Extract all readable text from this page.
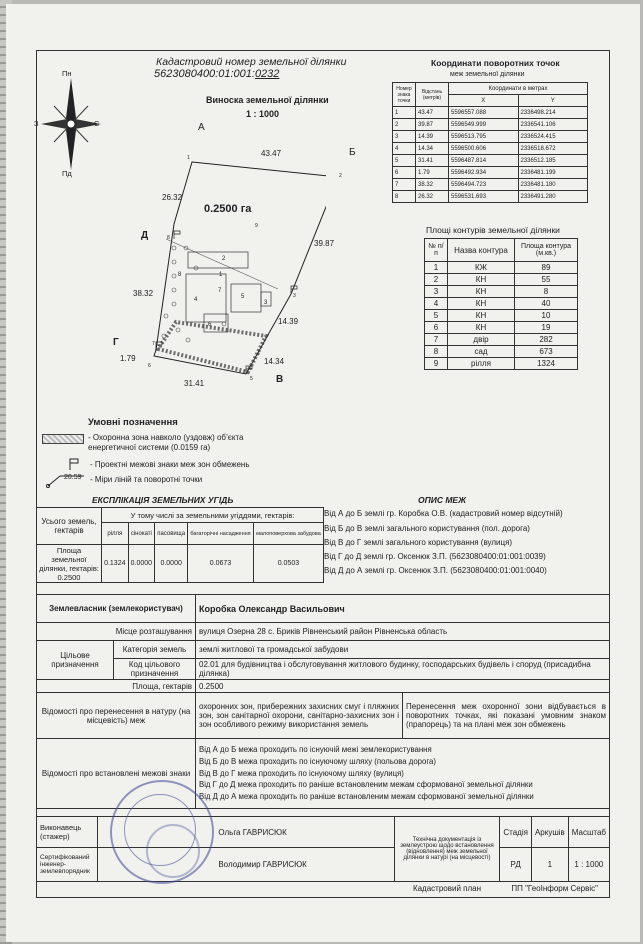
Кадастровий номер земельної ділянки
5623080400:01:001:0232
Пн
Пд
З	С
Виноска земельної ділянки
1 : 1000
А
Б
В
Г
Д
43.47
39.87
14.39
14.34
31.41
1.79
38.32
26.32
0.2500 га
1
2
3
4
5
6
7
8
9
1
2
3
4	5
6
7
8
Координати поворотних точок
меж земельної ділянки
Номер знака точки	Відстань (метрів)	Координати в метрах	
		X	Y
1	43.47	5596557.088	2336498.214
2	39.87	5596549.999	2336541.106
3	14.39	5596513.795	2336524.415
4	14.34	5596500.606	2336518.672
5	31.41	5596487.814	2336512.185
6	1.79	5596492.934	2336481.199
7	38.32	5596494.723	2336481.180
8	26.32	5596531.693	2336491.280
Площі контурів земельної ділянки
№ п/п	Назва контура	Площа контура (м.кв.)
1	КЖ	89
2	КН	55
3	КН	8
4	КН	40
5	КН	10
6	КН	19
7	двір	282
8	сад	673
9	рілля	1324
Умовні позначення
- Охоронна зона навколо (уздовж) об’єкта енергетичної системи (0.0159 га)
- Проектні межові знаки меж зон обмежень
20.59 - Міри ліній та поворотні точки
ЕКСПЛІКАЦІЯ ЗЕМЕЛЬНИХ УГІДЬ
Усього земель, гектарів	У тому числі за земельними угіддями, гектарів:				
	рілля	сінокаті	пасовища	багаторічні насадження	малоповерхова забудова
Площа земельної ділянки, гектарів:
0.2500	0.1324	0.0000	0.0000	0.0673	0.0503
ОПИС МЕЖ
Від А до Б землі гр. Коробка О.В. (кадастровий номер відсутній)
Від Б до В землі загального користування (пол. дорога)
Від В до Г землі загального користування (вулиця)
Від Г до Д землі гр. Оксенюк З.П. (5623080400:01:001:0039)
Від Д до А землі гр. Оксенюк З.П. (5623080400:01:001:0040)
Землевласник (землекористувач)		Коробка Олександр Васильович	
Місце розташування		вулиця Озерна 28 с. Бриків Рівненський район Рівненська область	
Цільове призначення	Категорія земель	землі житлової та громадської забудови	
	Код цільового призначення	02.01 для будівництва і обслуговування житлового будинку, господарських будівель і споруд (присадибна ділянка)	
Площа, гектарів		0.2500	
Відомості про перенесення в натуру (на місцевість) меж		охоронних зон, прибережних захисних смуг і пляжних зон, зон санітарної охорони, санітарно-захисних зон і зон особливого режиму використання земель	Перенесення меж охоронної зони відбувається в поворотних точках, які показані умовним знаком (прапорець) та на плані меж зон обмежень
Відомості про встановлені межові знаки		Від А до Б межа проходить по існуючій межі землекористування
Від Б до В межа проходить по існуючому шляху (польова дорога)
Від В до Г межа проходить по існуючому шляху (вулиця)
Від Г до Д межа проходить по раніше встановленим межам сформованої земельної ділянки
Від Д до А межа проходить по раніше встановленим межам сформованої земельної ділянки	
Виконавець (стажер)	Ольга ГАВРИСЮК	Технічна документація із землеустрою щодо встановлення (відновлення) меж земельної ділянки в натурі (на місцевості)	Стадія	Аркушів	Масштаб
Сертифікований інженер-землевпорядник	Володимир ГАВРИСЮК		РД	1	1 : 1000
		Кадастровий план	ПП "ГеоІнформ Сервіс"		
